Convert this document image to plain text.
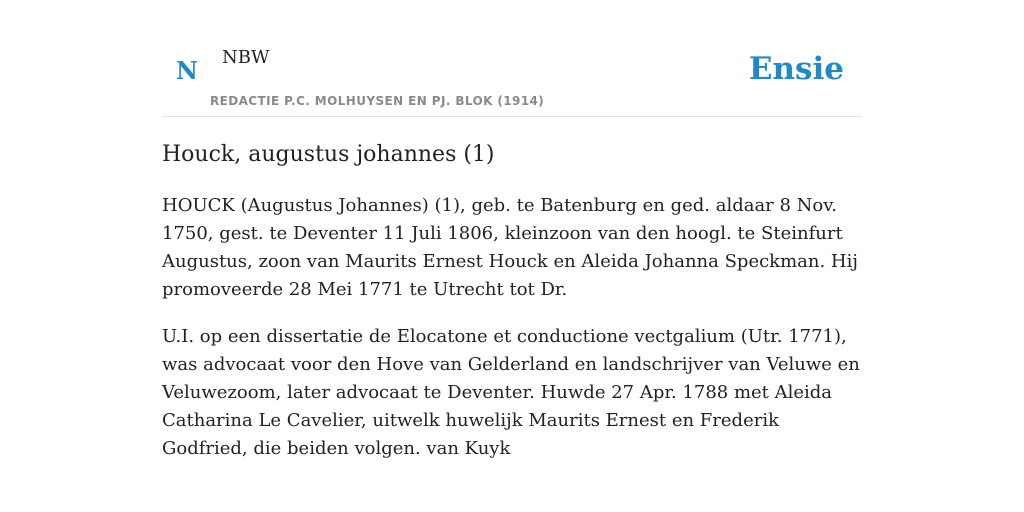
N NBW
REDACTIE P.C. MOLHUYSEN EN PJ. BLOK (1914)
Ensie
Houck, augustus johannes (1)

HOUCK (Augustus Johannes) (1), geb. te Batenburg en ged. aldaar 8 Nov. 1750, gest. te Deventer 11 Juli 1806, kleinzoon van den hoogl. te Steinfurt Augustus, zoon van Maurits Ernest Houck en Aleida Johanna Speckman. Hij promoveerde 28 Mei 1771 te Utrecht tot Dr.

U.I. op een dissertatie de Elocatone et conductione vectgalium (Utr. 1771), was advocaat voor den Hove van Gelderland en landschrijver van Veluwe en Veluwezoom, later advocaat te Deventer. Huwde 27 Apr. 1788 met Aleida Catharina Le Cavelier, uitwelk huwelijk Maurits Ernest en Frederik Godfried, die beiden volgen. van Kuyk
